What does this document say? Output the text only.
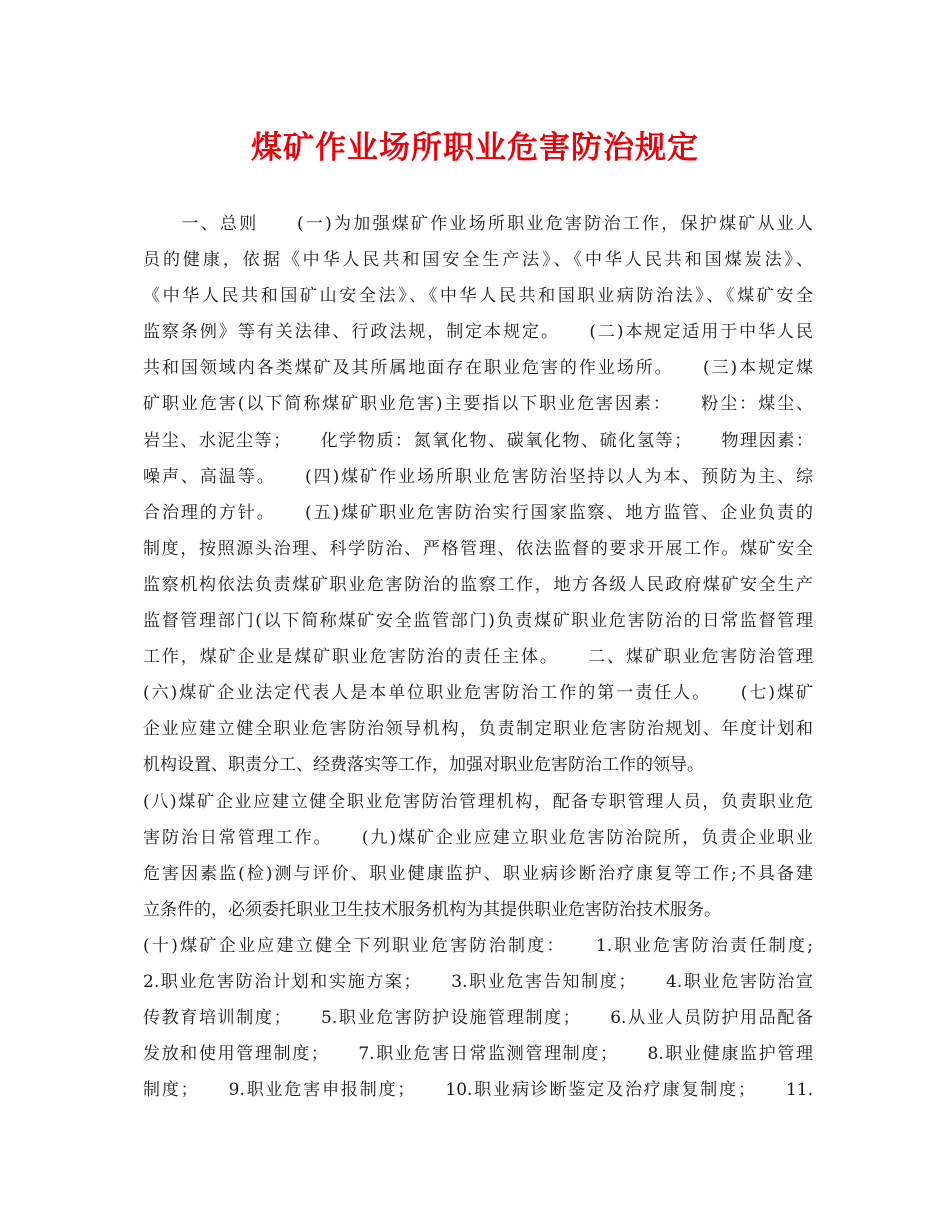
煤矿作业场所职业危害防治规定
　　一、总则　　(一)为加强煤矿作业场所职业危害防治工作，保护煤矿从业人
员的健康，依据《中华人民共和国安全生产法》、《中华人民共和国煤炭法》、
《中华人民共和国矿山安全法》、《中华人民共和国职业病防治法》、《煤矿安全
监察条例》等有关法律、行政法规，制定本规定。　　(二)本规定适用于中华人民
共和国领域内各类煤矿及其所属地面存在职业危害的作业场所。　　(三)本规定煤
矿职业危害(以下简称煤矿职业危害)主要指以下职业危害因素：　　粉尘：煤尘、
岩尘、水泥尘等；　　化学物质：氮氧化物、碳氧化物、硫化氢等；　　物理因素：
噪声、高温等。　　(四)煤矿作业场所职业危害防治坚持以人为本、预防为主、综
合治理的方针。　　(五)煤矿职业危害防治实行国家监察、地方监管、企业负责的
制度，按照源头治理、科学防治、严格管理、依法监督的要求开展工作。煤矿安全
监察机构依法负责煤矿职业危害防治的监察工作，地方各级人民政府煤矿安全生产
监督管理部门(以下简称煤矿安全监管部门)负责煤矿职业危害防治的日常监督管理
工作，煤矿企业是煤矿职业危害防治的责任主体。　　二、煤矿职业危害防治管理
(六)煤矿企业法定代表人是本单位职业危害防治工作的第一责任人。　　(七)煤矿
企业应建立健全职业危害防治领导机构，负责制定职业危害防治规划、年度计划和
机构设置、职责分工、经费落实等工作，加强对职业危害防治工作的领导。
(八)煤矿企业应建立健全职业危害防治管理机构，配备专职管理人员，负责职业危
害防治日常管理工作。　　(九)煤矿企业应建立职业危害防治院所，负责企业职业
危害因素监(检)测与评价、职业健康监护、职业病诊断治疗康复等工作;不具备建
立条件的，必须委托职业卫生技术服务机构为其提供职业危害防治技术服务。
(十)煤矿企业应建立健全下列职业危害防治制度：　　1.职业危害防治责任制度;
2.职业危害防治计划和实施方案；　　3.职业危害告知制度；　　4.职业危害防治宣
传教育培训制度；　　5.职业危害防护设施管理制度；　　6.从业人员防护用品配备
发放和使用管理制度；　　7.职业危害日常监测管理制度；　　8.职业健康监护管理
制度；　　9.职业危害申报制度；　　10.职业病诊断鉴定及治疗康复制度；　　11.
